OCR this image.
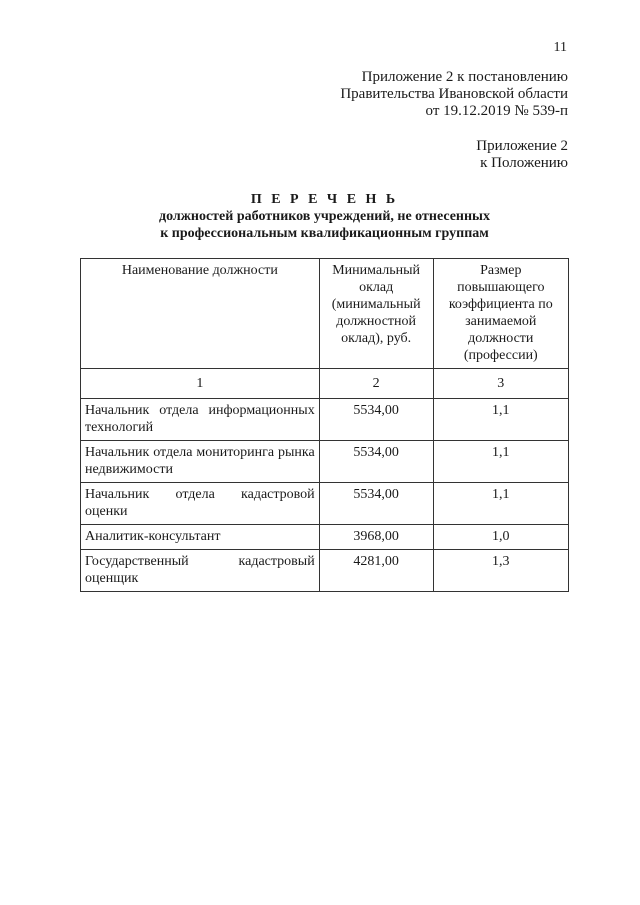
11
Приложение 2 к постановлению
Правительства Ивановской области
от 19.12.2019 № 539-п
Приложение 2
к Положению
П Е Р Е Ч Е Н Ь
должностей работников учреждений, не отнесенных
к профессиональным квалификационным группам
Наименование должности	Минимальный оклад (минимальный должностной оклад), руб.	Размер повышающего коэффициента по занимаемой должности (профессии)
1	2	3
Начальник отдела информационных технологий	5534,00	1,1
Начальник отдела мониторинга рынка недвижимости	5534,00	1,1
Начальник отдела кадастровой оценки	5534,00	1,1
Аналитик-консультант	3968,00	1,0
Государственный кадастровый оценщик	4281,00	1,3
